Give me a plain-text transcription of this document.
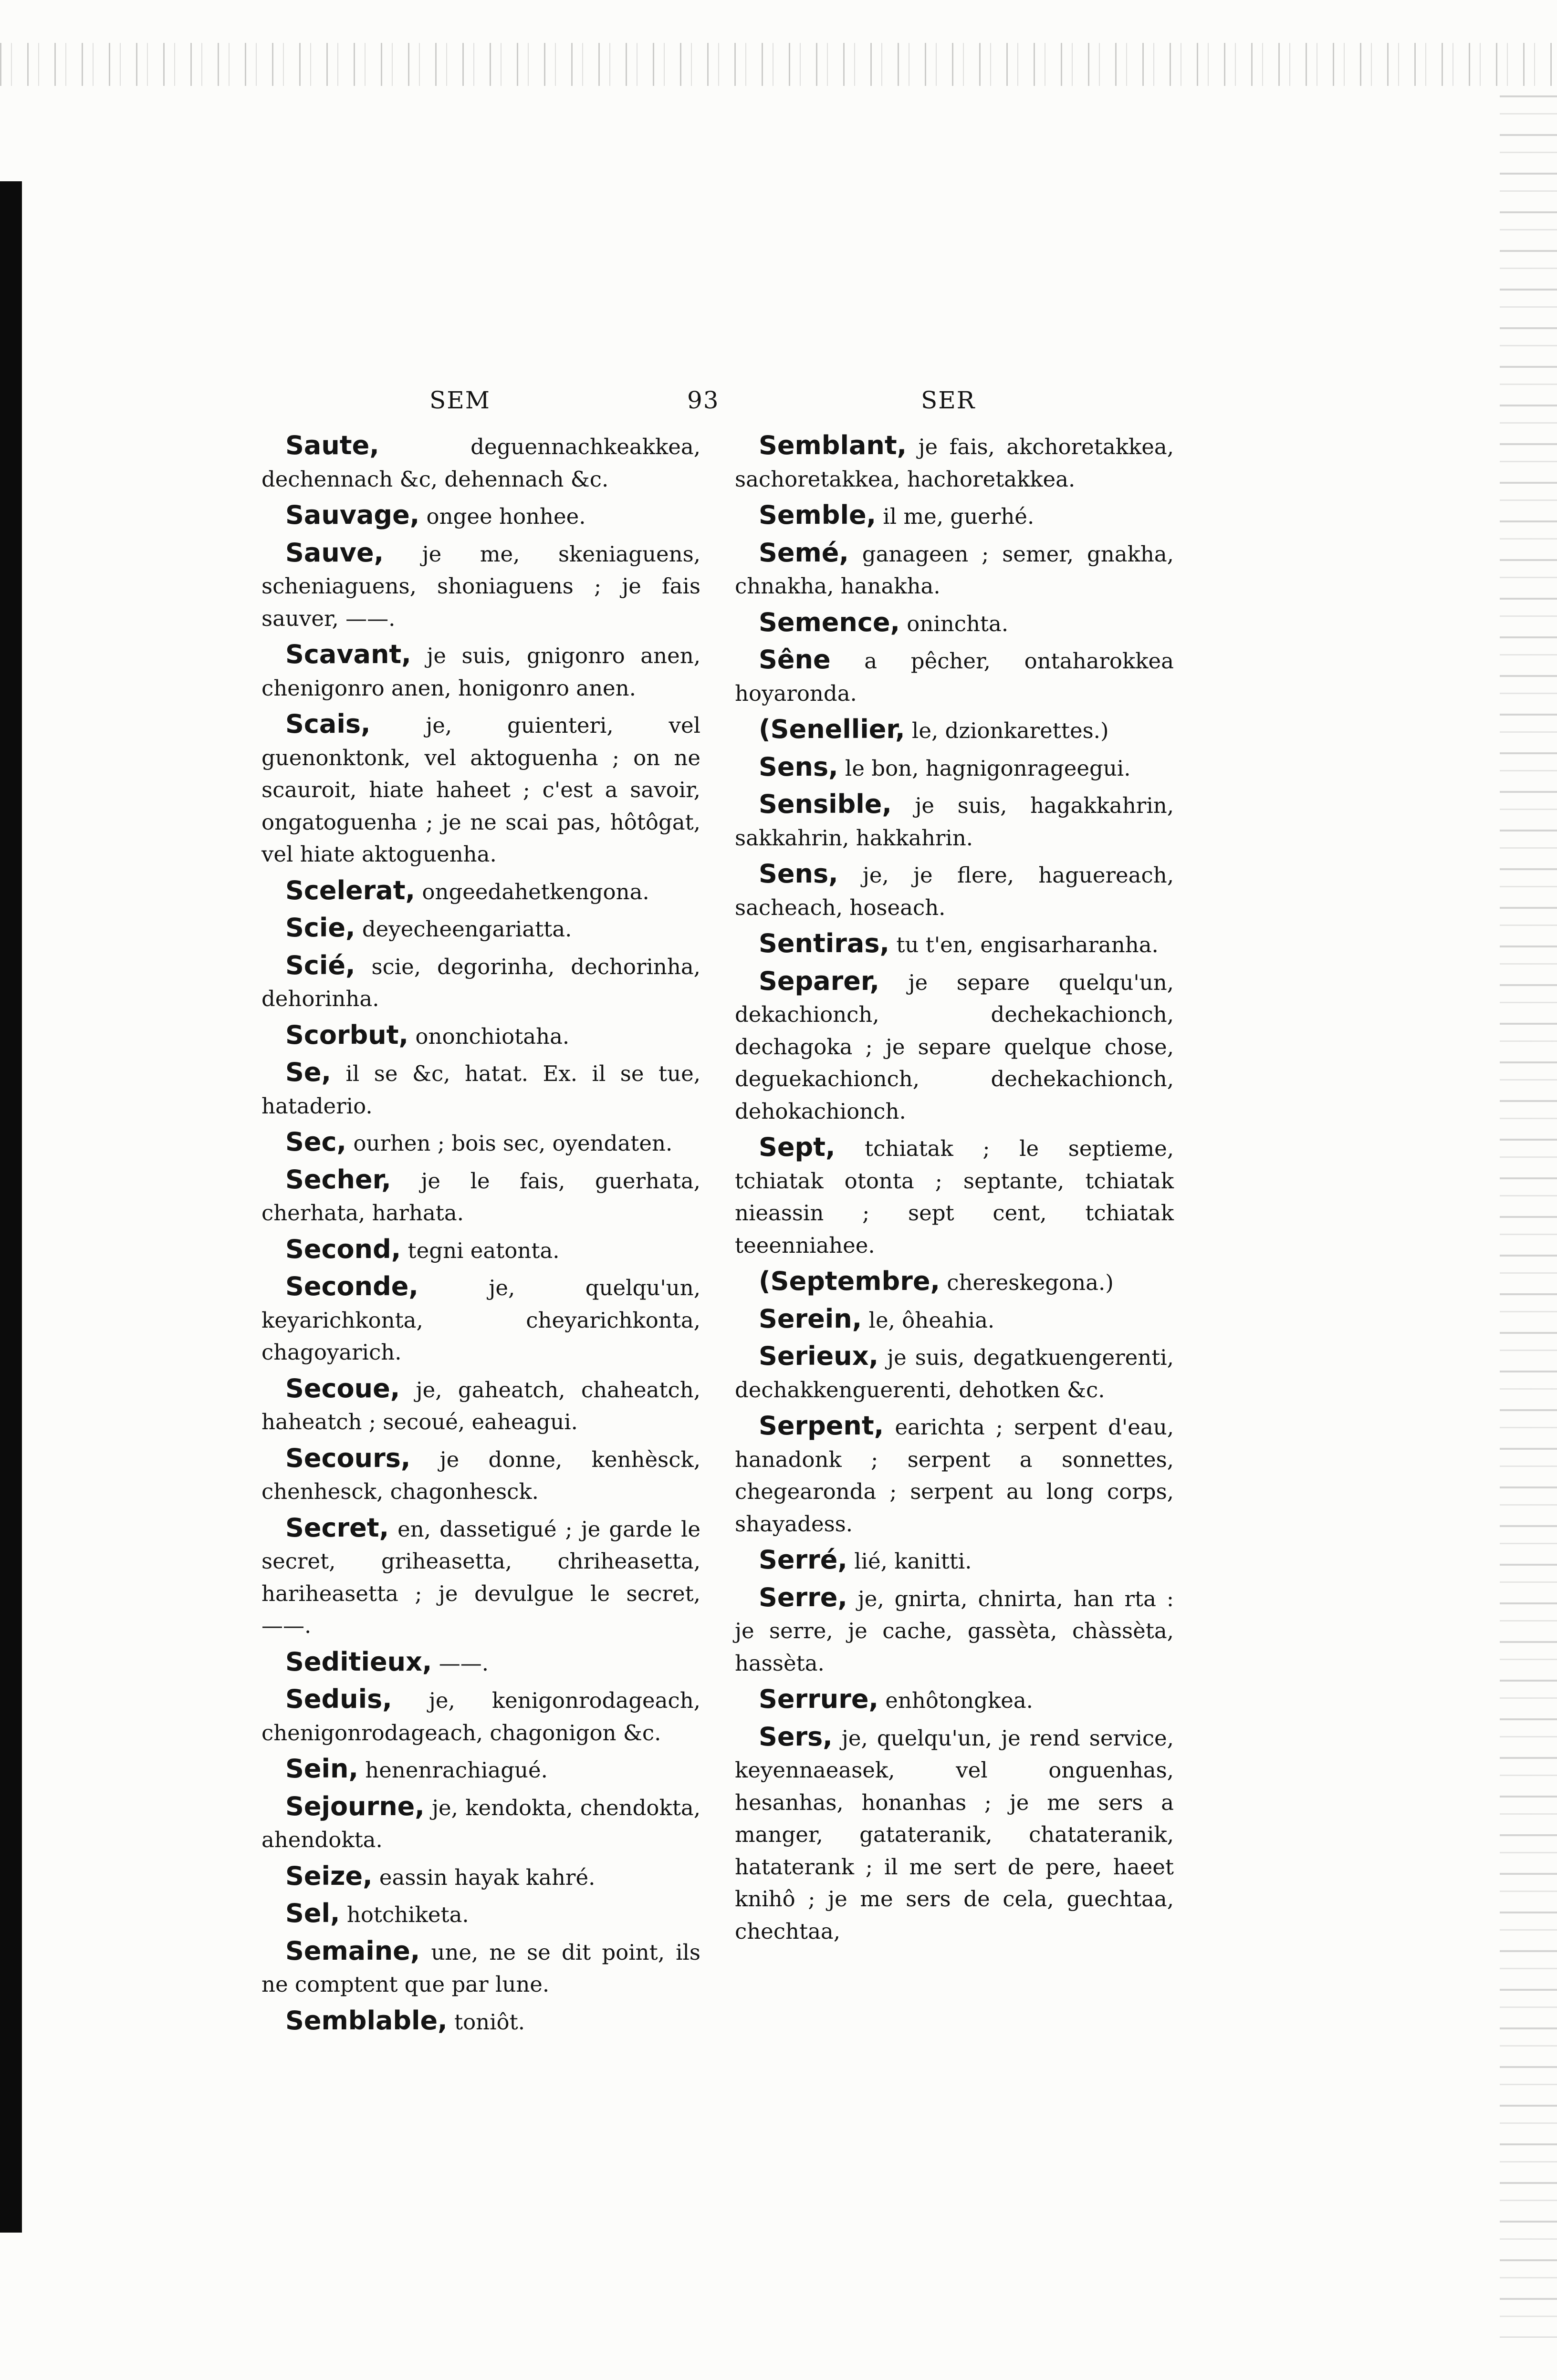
SEM	93	SER

Saute, deguennachkeakkea, dechennach &c, dehennach &c.

Sauvage, ongee honhee.

Sauve, je me, skeniaguens, scheniaguens, shoniaguens ; je fais sauver, ——.

Scavant, je suis, gnigonro anen, chenigonro anen, honigonro anen.

Scais, je, guienteri, vel guenonktonk, vel aktoguenha ; on ne scauroit, hiate haheet ; c'est a savoir, ongatoguenha ; je ne scai pas, hôtôgat, vel hiate aktoguenha.

Scelerat, ongeedahetkengona.

Scie, deyecheengariatta.

Scié, scie, degorinha, dechorinha, dehorinha.

Scorbut, ononchiotaha.

Se, il se &c, hatat. Ex. il se tue, hataderio.

Sec, ourhen ; bois sec, oyendaten.

Secher, je le fais, guerhata, cherhata, harhata.

Second, tegni eatonta.

Seconde, je, quelqu'un, keyarichkonta, cheyarichkonta, chagoyarich.

Secoue, je, gaheatch, chaheatch, haheatch ; secoué, eaheagui.

Secours, je donne, kenhèsck, chenhesck, chagonhesck.

Secret, en, dassetigué ; je garde le secret, griheasetta, chriheasetta, hariheasetta ; je devulgue le secret, ——.

Seditieux, ——.

Seduis, je, kenigonrodageach, chenigonrodageach, chagonigon &c.

Sein, henenrachiagué.

Sejourne, je, kendokta, chendokta, ahendokta.

Seize, eassin hayak kahré.

Sel, hotchiketa.

Semaine, une, ne se dit point, ils ne comptent que par lune.

Semblable, toniôt.

Semblant, je fais, akchoretakkea, sachoretakkea, hachoretakkea.

Semble, il me, guerhé.

Semé, ganageen ; semer, gnakha, chnakha, hanakha.

Semence, oninchta.

Sêne a pêcher, ontaharokkea hoyaronda.

(Senellier, le, dzionkarettes.)

Sens, le bon, hagnigonrageegui.

Sensible, je suis, hagakkahrin, sakkahrin, hakkahrin.

Sens, je, je flere, haguereach, sacheach, hoseach.

Sentiras, tu t'en, engisarharanha.

Separer, je separe quelqu'un, dekachionch, dechekachionch, dechagoka ; je separe quelque chose, deguekachionch, dechekachionch, dehokachionch.

Sept, tchiatak ; le septieme, tchiatak otonta ; septante, tchiatak nieassin ; sept cent, tchiatak teeenniahee.

(Septembre, chereskegona.)

Serein, le, ôheahia.

Serieux, je suis, degatkuengerenti, dechakkenguerenti, dehotken &c.

Serpent, earichta ; serpent d'eau, hanadonk ; serpent a sonnettes, chegearonda ; serpent au long corps, shayadess.

Serré, lié, kanitti.

Serre, je, gnirta, chnirta, han rta : je serre, je cache, gassèta, chàssèta, hassèta.

Serrure, enhôtongkea.

Sers, je, quelqu'un, je rend service, keyennaeasek, vel onguenhas, hesanhas, honanhas ; je me sers a manger, gatateranik, chatateranik, hataterank ; il me sert de pere, haeet knihô ; je me sers de cela, guechtaa, chechtaa,
